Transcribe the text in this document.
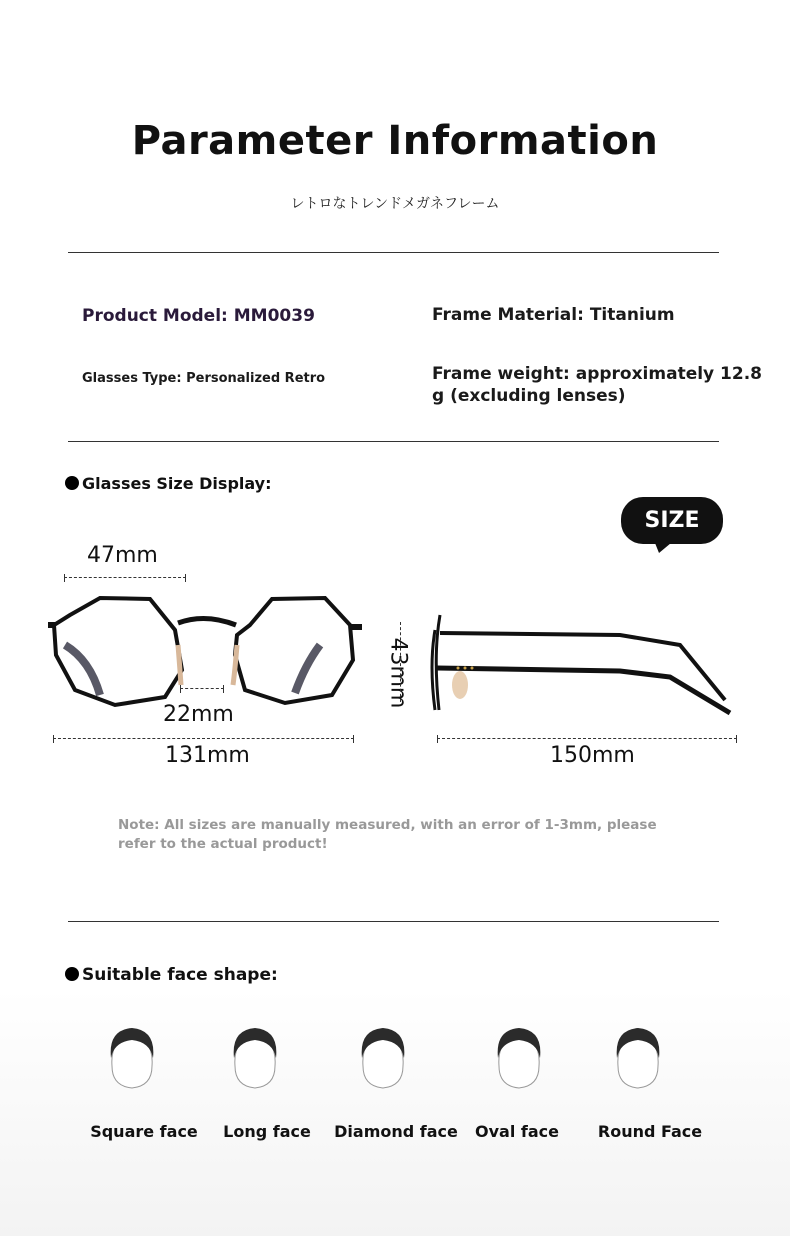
Parameter Information
レトロなトレンドメガネフレーム
Product Model: MM0039	Frame Material: Titanium
Glasses Type: Personalized Retro	Frame weight: approximately 12.8
g (excluding lenses)
Glasses Size Display:
SIZE
47mm
22mm
131mm
43mm
150mm
Note: All sizes are manually measured, with an error of 1-3mm, please refer to the actual product!
Suitable face shape:
Square face	Long face	Diamond face	Oval face	Round Face
